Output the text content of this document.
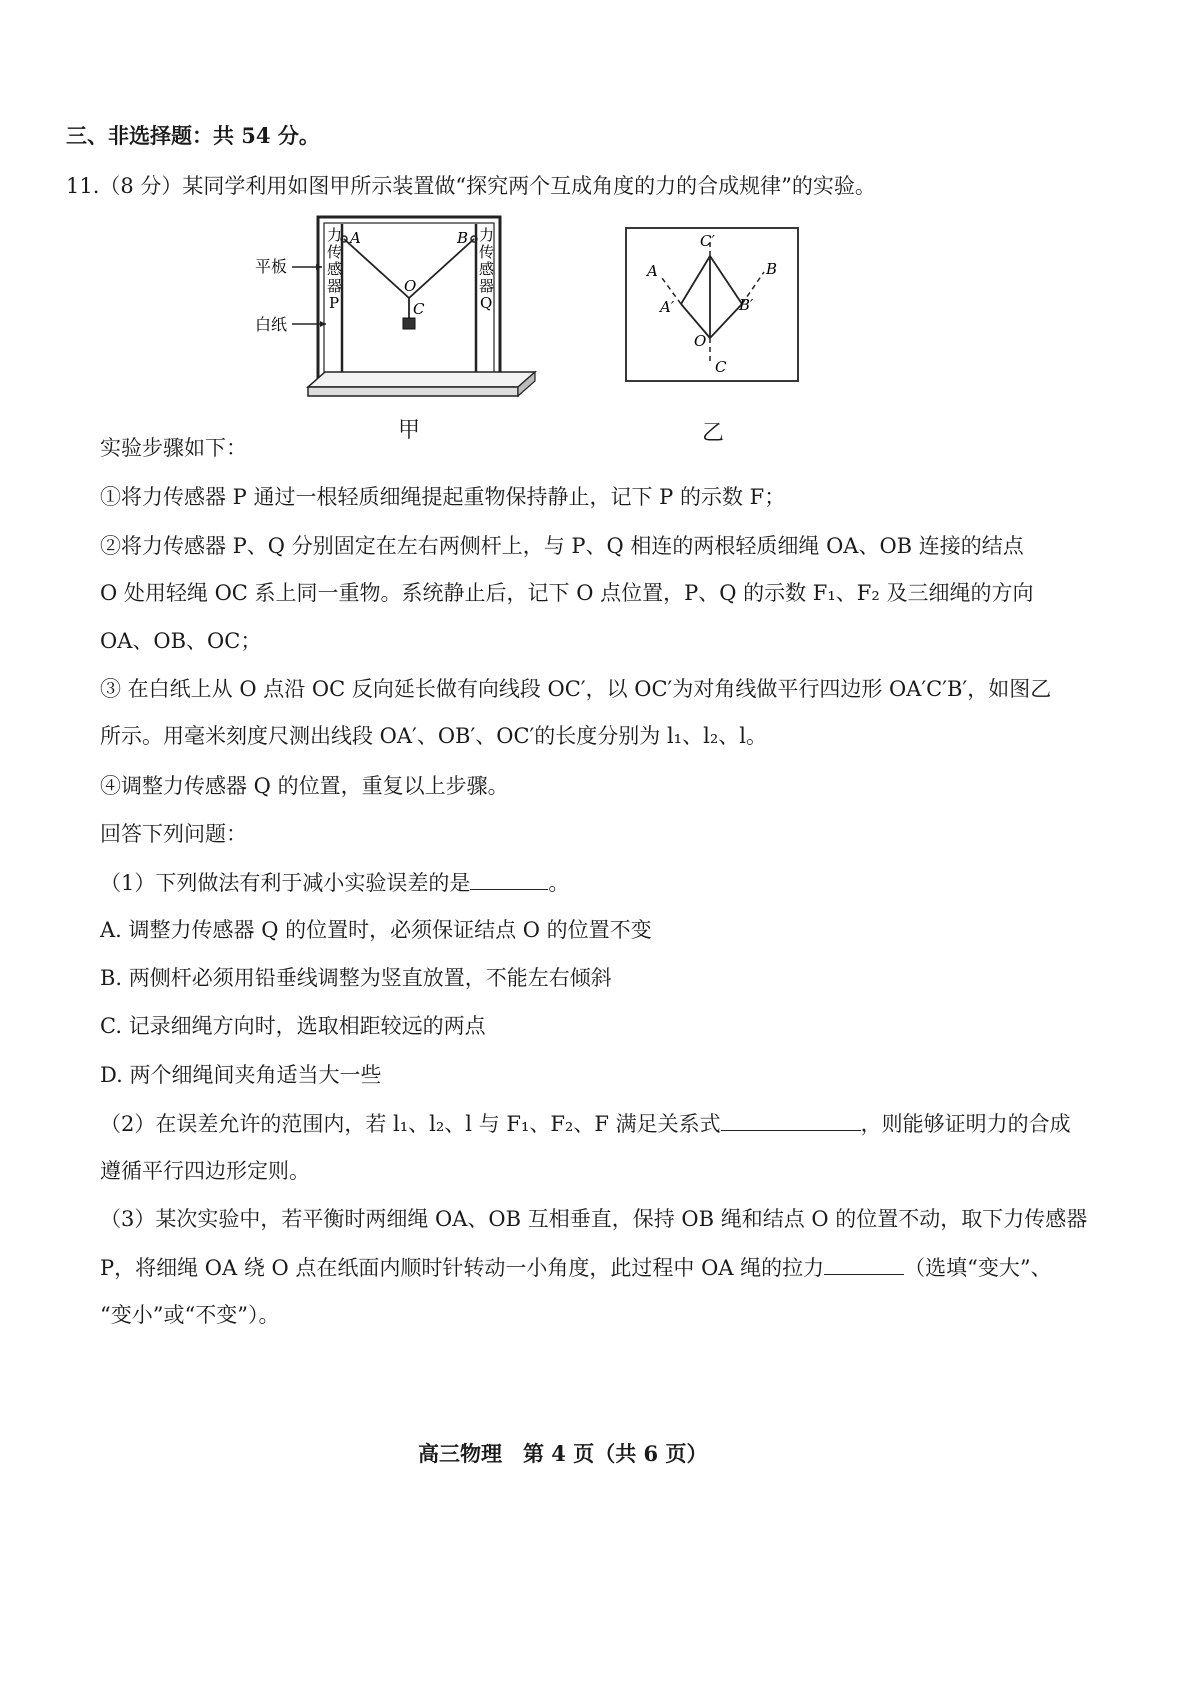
三、非选择题：共 54 分。
11.（8 分）某同学利用如图甲所示装置做“探究两个互成角度的力的合成规律”的实验。
A	B
O
C
力
传
感
器
P
力
传
感
器
Q
平板
白纸
甲
C′
A	B
A′	B′
O
C
乙
实验步骤如下：
①将力传感器 P 通过一根轻质细绳提起重物保持静止，记下 P 的示数 F；
②将力传感器 P、Q 分别固定在左右两侧杆上，与 P、Q 相连的两根轻质细绳 OA、OB 连接的结点
O 处用轻绳 OC 系上同一重物。系统静止后，记下 O 点位置，P、Q 的示数 F₁、F₂ 及三细绳的方向
OA、OB、OC；
③ 在白纸上从 O 点沿 OC 反向延长做有向线段 OC′，以 OC′为对角线做平行四边形 OA′C′B′，如图乙
所示。用毫米刻度尺测出线段 OA′、OB′、OC′的长度分别为 l₁、l₂、l。
④调整力传感器 Q 的位置，重复以上步骤。
回答下列问题：
（1）下列做法有利于减小实验误差的是	。
A. 调整力传感器 Q 的位置时，必须保证结点 O 的位置不变
B. 两侧杆必须用铅垂线调整为竖直放置，不能左右倾斜
C. 记录细绳方向时，选取相距较远的两点
D. 两个细绳间夹角适当大一些
（2）在误差允许的范围内，若 l₁、l₂、l 与 F₁、F₂、F 满足关系式	，则能够证明力的合成
遵循平行四边形定则。
（3）某次实验中，若平衡时两细绳 OA、OB 互相垂直，保持 OB 绳和结点 O 的位置不动，取下力传感器
P，将细绳 OA 绕 O 点在纸面内顺时针转动一小角度，此过程中 OA 绳的拉力	（选填“变大”、
“变小”或“不变”）。
高三物理　第 4 页（共 6 页）
